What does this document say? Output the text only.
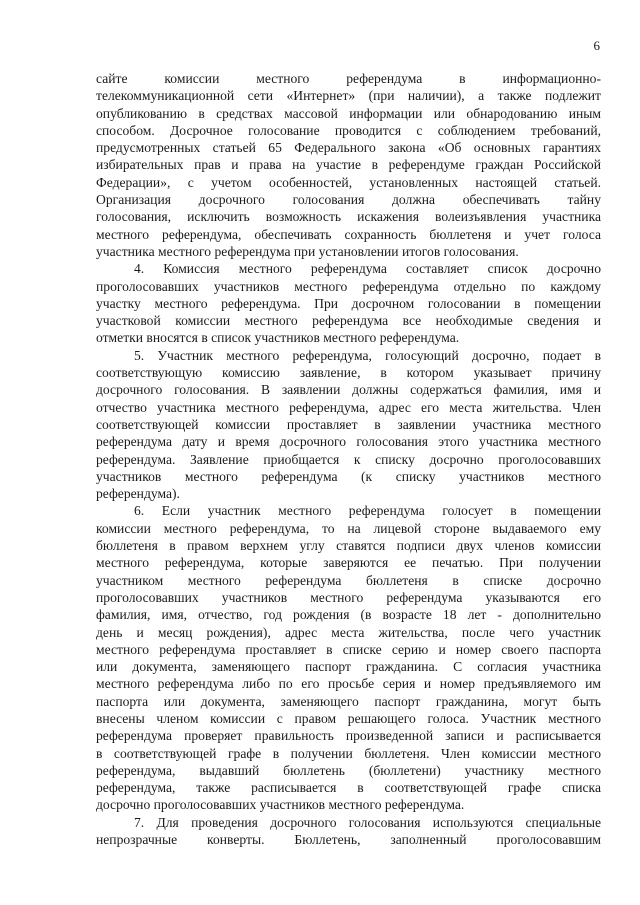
6
сайте комиссии местного референдума в информационно-
телекоммуникационной сети «Интернет» (при наличии), а также подлежит
опубликованию в средствах массовой информации или обнародованию иным
способом. Досрочное голосование проводится с соблюдением требований,
предусмотренных статьей 65 Федерального закона «Об основных гарантиях
избирательных прав и права на участие в референдуме граждан Российской
Федерации», с учетом особенностей, установленных настоящей статьей.
Организация досрочного голосования должна обеспечивать тайну
голосования, исключить возможность искажения волеизъявления участника
местного референдума, обеспечивать сохранность бюллетеня и учет голоса
участника местного референдума при установлении итогов голосования.
4. Комиссия местного референдума составляет список досрочно
проголосовавших участников местного референдума отдельно по каждому
участку местного референдума. При досрочном голосовании в помещении
участковой комиссии местного референдума все необходимые сведения и
отметки вносятся в список участников местного референдума.
5. Участник местного референдума, голосующий досрочно, подает в
соответствующую комиссию заявление, в котором указывает причину
досрочного голосования. В заявлении должны содержаться фамилия, имя и
отчество участника местного референдума, адрес его места жительства. Член
соответствующей комиссии проставляет в заявлении участника местного
референдума дату и время досрочного голосования этого участника местного
референдума. Заявление приобщается к списку досрочно проголосовавших
участников местного референдума (к списку участников местного
референдума).
6. Если участник местного референдума голосует в помещении
комиссии местного референдума, то на лицевой стороне выдаваемого ему
бюллетеня в правом верхнем углу ставятся подписи двух членов комиссии
местного референдума, которые заверяются ее печатью. При получении
участником местного референдума бюллетеня в списке досрочно
проголосовавших участников местного референдума указываются его
фамилия, имя, отчество, год рождения (в возрасте 18 лет - дополнительно
день и месяц рождения), адрес места жительства, после чего участник
местного референдума проставляет в списке серию и номер своего паспорта
или документа, заменяющего паспорт гражданина. С согласия участника
местного референдума либо по его просьбе серия и номер предъявляемого им
паспорта или документа, заменяющего паспорт гражданина, могут быть
внесены членом комиссии с правом решающего голоса. Участник местного
референдума проверяет правильность произведенной записи и расписывается
в соответствующей графе в получении бюллетеня. Член комиссии местного
референдума, выдавший бюллетень (бюллетени) участнику местного
референдума, также расписывается в соответствующей графе списка
досрочно проголосовавших участников местного референдума.
7. Для проведения досрочного голосования используются специальные
непрозрачные конверты. Бюллетень, заполненный проголосовавшим
